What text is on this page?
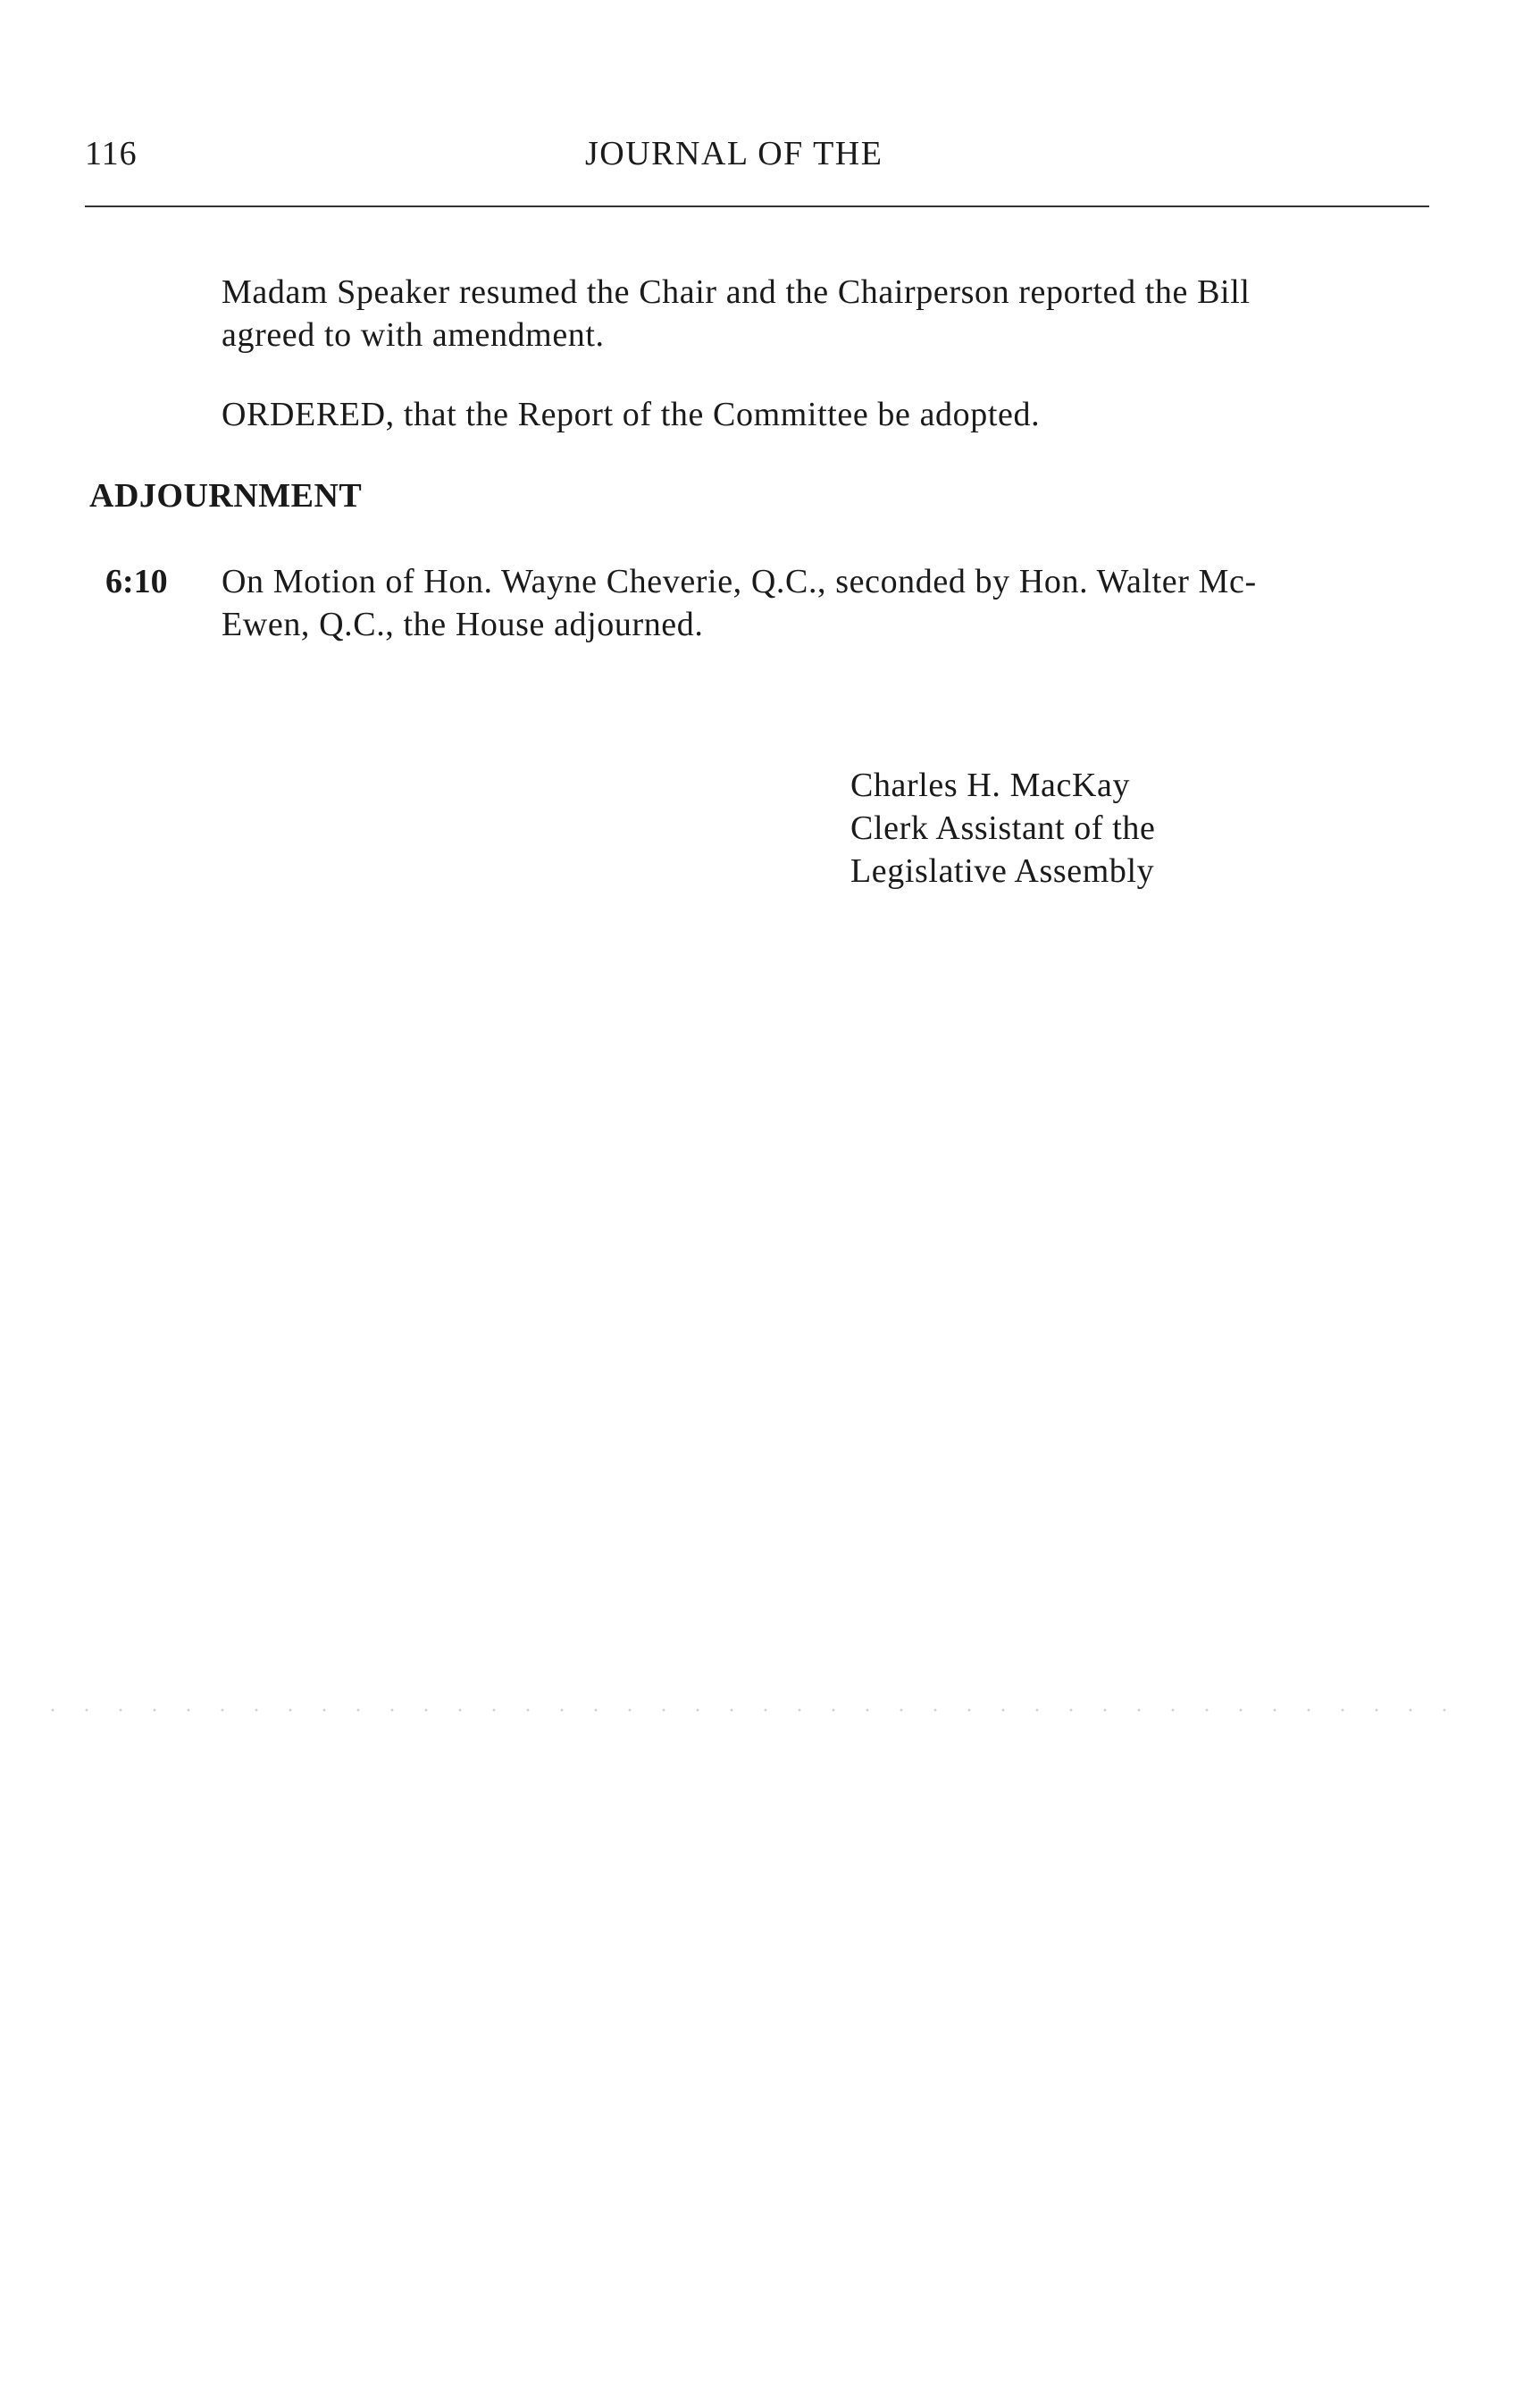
116	JOURNAL OF THE
Madam Speaker resumed the Chair and the Chairperson reported the Bill
agreed to with amendment.
ORDERED, that the Report of the Committee be adopted.
ADJOURNMENT
6:10 On Motion of Hon. Wayne Cheverie, Q.C., seconded by Hon. Walter Mc-
Ewen, Q.C., the House adjourned.
Charles H. MacKay
Clerk Assistant of the
Legislative Assembly
